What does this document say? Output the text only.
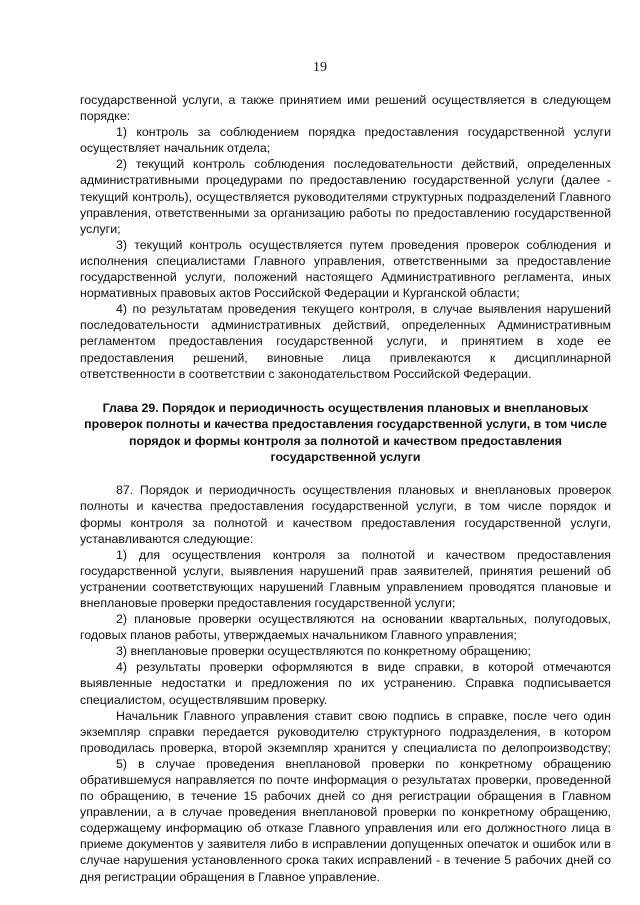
19

государственной услуги, а также принятием ими решений осуществляется в следующем порядке:

1) контроль за соблюдением порядка предоставления государственной услуги осуществляет начальник отдела;

2) текущий контроль соблюдения последовательности действий, определенных административными процедурами по предоставлению государственной услуги (далее - текущий контроль), осуществляется руководителями структурных подразделений Главного управления, ответственными за организацию работы по предоставлению государственной услуги;

3) текущий контроль осуществляется путем проведения проверок соблюдения и исполнения специалистами Главного управления, ответственными за предоставление государственной услуги, положений настоящего Административного регламента, иных нормативных правовых актов Российской Федерации и Курганской области;

4) по результатам проведения текущего контроля, в случае выявления нарушений последовательности административных действий, определенных Административным регламентом предоставления государственной услуги, и принятием в ходе ее предоставления решений, виновные лица привлекаются к дисциплинарной ответственности в соответствии с законодательством Российской Федерации.

Глава 29. Порядок и периодичность осуществления плановых и внеплановых проверок полноты и качества предоставления государственной услуги, в том числе порядок и формы контроля за полнотой и качеством предоставления государственной услуги

87. Порядок и периодичность осуществления плановых и внеплановых проверок полноты и качества предоставления государственной услуги, в том числе порядок и формы контроля за полнотой и качеством предоставления государственной услуги, устанавливаются следующие:

1) для осуществления контроля за полнотой и качеством предоставления государственной услуги, выявления нарушений прав заявителей, принятия решений об устранении соответствующих нарушений Главным управлением проводятся плановые и внеплановые проверки предоставления государственной услуги;

2) плановые проверки осуществляются на основании квартальных, полугодовых, годовых планов работы, утверждаемых начальником Главного управления;

3) внеплановые проверки осуществляются по конкретному обращению;

4) результаты проверки оформляются в виде справки, в которой отмечаются выявленные недостатки и предложения по их устранению. Справка подписывается специалистом, осуществлявшим проверку.

Начальник Главного управления ставит свою подпись в справке, после чего один экземпляр справки передается руководителю структурного подразделения, в котором проводилась проверка, второй экземпляр хранится у специалиста по делопроизводству;

5) в случае проведения внеплановой проверки по конкретному обращению обратившемуся направляется по почте информация о результатах проверки, проведенной по обращению, в течение 15 рабочих дней со дня регистрации обращения в Главном управлении, а в случае проведения внеплановой проверки по конкретному обращению, содержащему информацию об отказе Главного управления или его должностного лица в приеме документов у заявителя либо в исправлении допущенных опечаток и ошибок или в случае нарушения установленного срока таких исправлений - в течение 5 рабочих дней со дня регистрации обращения в Главное управление.
